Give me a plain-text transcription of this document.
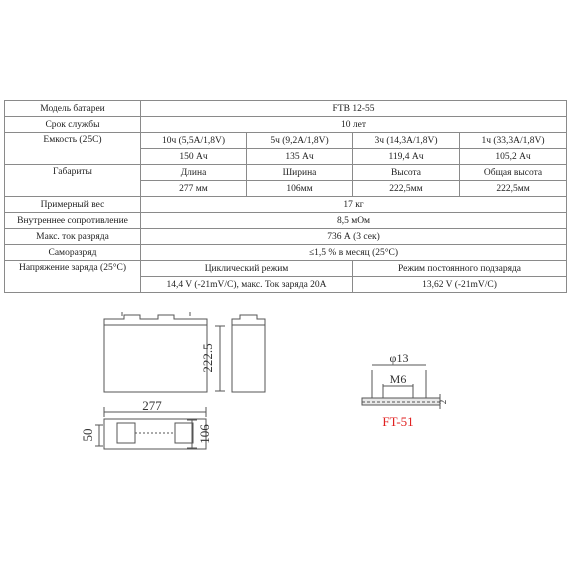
Модель батареи	FTB 12-55			
Срок службы	10 лет			
Емкость (25С)	10ч (5,5А/1,8V)	5ч (9,2А/1,8V)	3ч (14,3А/1,8V)	1ч (33,3А/1,8V)
	150 Ач	135 Ач	119,4 Ач	105,2 Ач
Габариты	Длина	Ширина	Высота	Общая высота
	277 мм	106мм	222,5мм	222,5мм
Примерный вес	17 кг			
Внутреннее сопротивление	8,5 мОм			
Макс. ток разряда	736 А (3 сек)			
Саморазряд	≤1,5 % в месяц (25°С)			
Напряжение заряда (25°С)	Циклический режим		Режим постоянного подзаряда	
	14,4 V (-21mV/С), макс. Ток заряда 20А		13,62 V (-21mV/С)	
222.5
277
106
50
φ13
M6
2
FT-51
